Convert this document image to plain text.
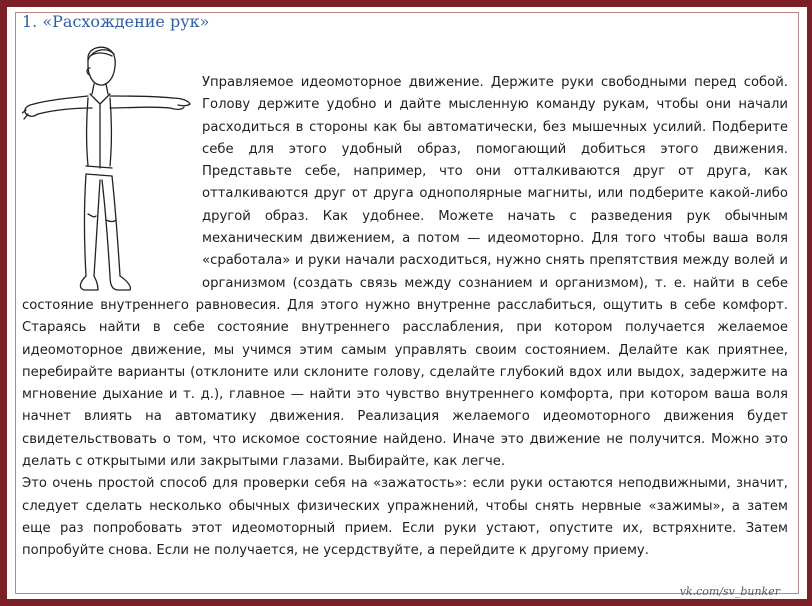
1. «Расхождение рук»

Управляемое идеомоторное движение. Держите руки свободными перед собой. Голову держите удобно и дайте мысленную команду рукам, чтобы они начали расходиться в стороны как бы автоматически, без мышечных усилий. Подберите себе для этого удобный образ, помогающий добиться этого движения. Представьте себе, например, что они отталкиваются друг от друга, как отталкиваются друг от друга однополярные магниты, или подберите какой-либо другой образ. Как удобнее. Можете начать с разведения рук обычным механическим движением, а потом — идеомоторно. Для того чтобы ваша воля «сработала» и руки начали расходиться, нужно снять препятствия между волей и организмом (создать связь между сознанием и организмом), т. е. найти в себе состояние внутреннего равновесия. Для этого нужно внутренне расслабиться, ощутить в себе комфорт. Стараясь найти в себе состояние внутреннего расслабления, при котором получается желаемое идеомоторное движение, мы учимся этим самым управлять своим состоянием. Делайте как приятнее, перебирайте варианты (отклоните или склоните голову, сделайте глубокий вдох или выдох, задержите на мгновение дыхание и т. д.), главное — найти это чувство внутреннего комфорта, при котором ваша воля начнет влиять на автоматику движения. Реализация желаемого идеомоторного движения будет свидетельствовать о том, что искомое состояние найдено. Иначе это движение не получится. Можно это делать с открытыми или закрытыми глазами. Выбирайте, как легче.

Это очень простой способ для проверки себя на «зажатость»: если руки остаются неподвижными, значит, следует сделать несколько обычных физических упражнений, чтобы снять нервные «зажимы», а затем еще раз попробовать этот идеомоторный прием. Если руки устают, опустите их, встряхните. Затем попробуйте снова. Если не получается, не усердствуйте, а перейдите к другому приему.

vk.com/sv_bunker
